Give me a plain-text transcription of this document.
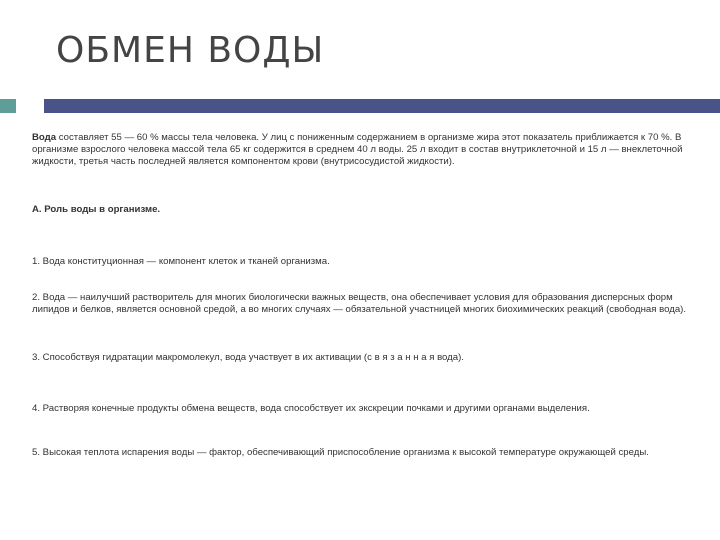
ОБМЕН ВОДЫ

Вода составляет 55 — 60 % массы тела человека. У лиц с пониженным содержанием в организме жира этот показатель приближается к 70 %. В организме взрослого человека массой тела 65 кг содержится в среднем 40 л воды. 25 л входит в состав внутриклеточной и 15 л — внеклеточной жидкости, третья часть последней является компонентом крови (внутрисосудистой жидкости).

А. Роль воды в организме.

1. Вода конституционная — компонент клеток и тканей организма.

2. Вода — наилучший растворитель для многих биологически важных веществ, она обеспечивает условия для образования дисперсных форм липидов и белков, является основной средой, а во многих случаях — обязательной участницей многих биохимических реакций (свободная вода).

3. Способствуя гидратации макромолекул, вода участвует в их активации (с в я з а н н а я вода).

4. Растворяя конечные продукты обмена веществ, вода способствует их экскреции почками и другими органами выделения.

5. Высокая теплота испарения воды — фактор, обеспечивающий приспособление организма к высокой температуре окружающей среды.
